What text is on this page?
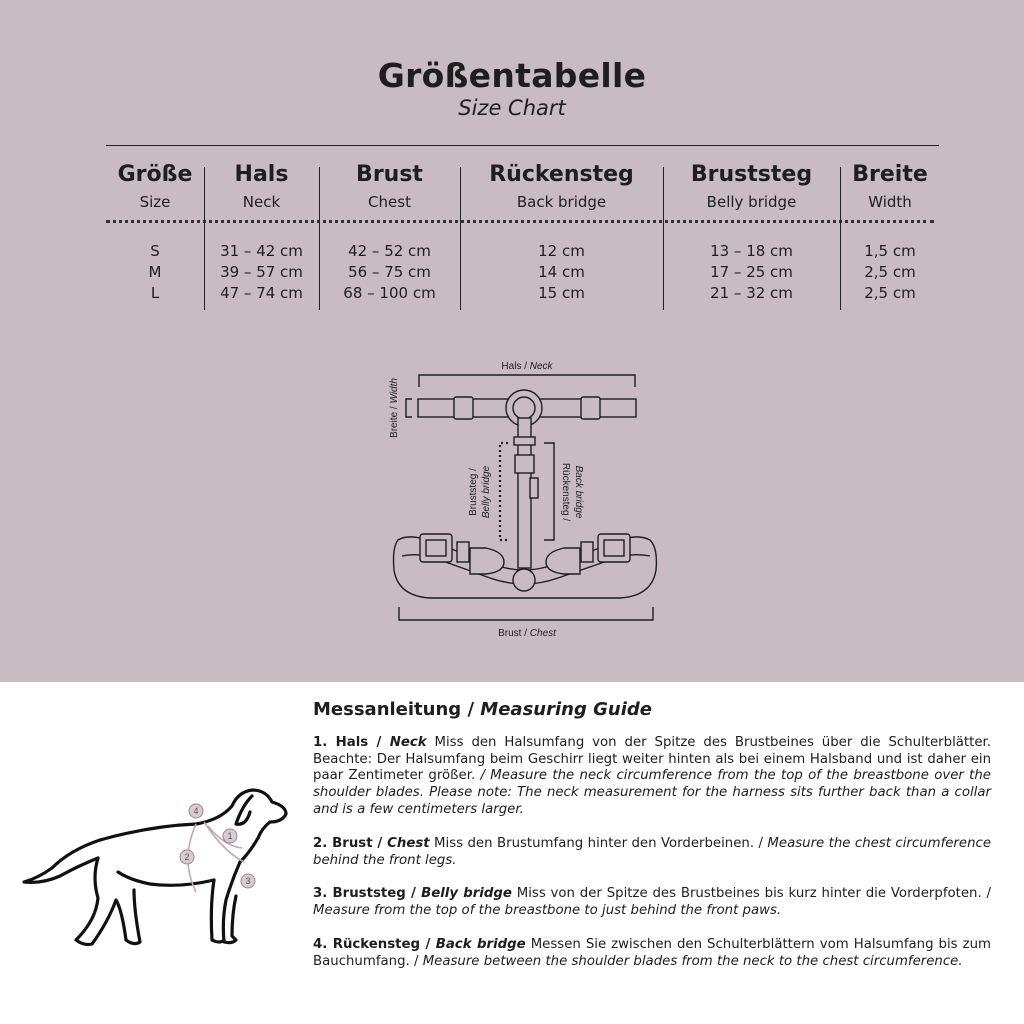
Größentabelle
Size Chart
Größe
Size
S
M
L
Hals
Neck
31 – 42 cm
39 – 57 cm
47 – 74 cm
Brust
Chest
42 – 52 cm
56 – 75 cm
68 – 100 cm
Rückensteg
Back bridge
12 cm
14 cm
15 cm
Bruststeg
Belly bridge
13 – 18 cm
17 – 25 cm
21 – 32 cm
Breite
Width
1,5 cm
2,5 cm
2,5 cm
Hals / Neck
Breite / Width
Bruststeg / Belly bridge	Rückensteg / Back bridge
Brust / Chest
4
1
2
3
Messanleitung / Measuring Guide

1. Hals / Neck Miss den Halsumfang von der Spitze des Brustbeines über die Schulterblätter. Beachte: Der Halsumfang beim Geschirr liegt weiter hinten als bei einem Halsband und ist daher ein paar Zentimeter größer. / Measure the neck circumference from the top of the breastbone over the shoulder blades. Please note: The neck measurement for the harness sits further back than a collar and is a few centimeters larger.

2. Brust / Chest Miss den Brustumfang hinter den Vorderbeinen. / Measure the chest circumference behind the front legs.

3. Bruststeg / Belly bridge Miss von der Spitze des Brustbeines bis kurz hinter die Vorderpfoten. / Measure from the top of the breastbone to just behind the front paws.

4. Rückensteg / Back bridge Messen Sie zwischen den Schulterblättern vom Halsumfang bis zum Bauchumfang. / Measure between the shoulder blades from the neck to the chest circumference.
